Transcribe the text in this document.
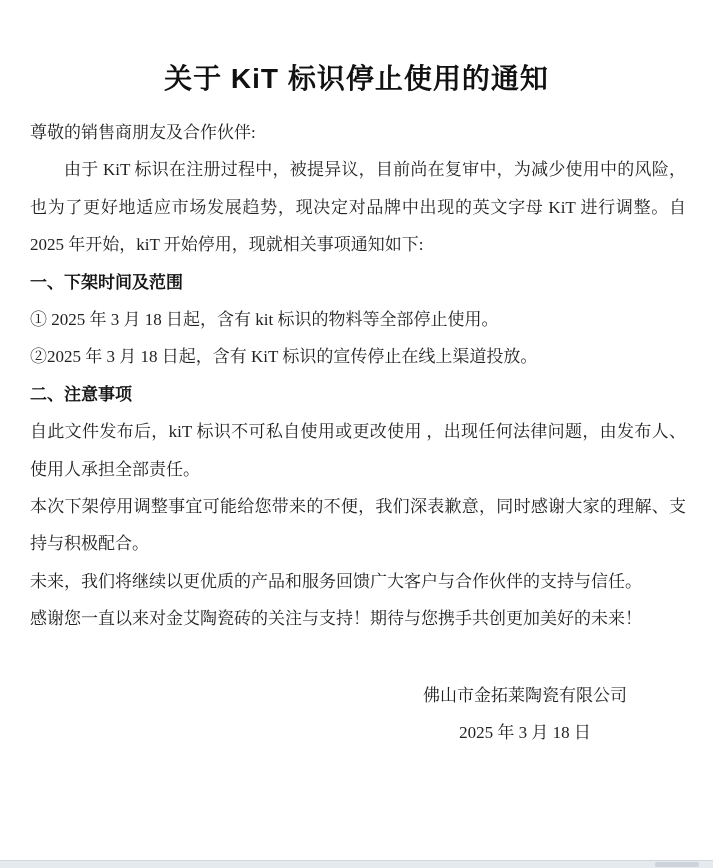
关于 KiT 标识停止使用的通知

尊敬的销售商朋友及合作伙伴:

由于 KiT 标识在注册过程中，被提异议，目前尚在复审中，为减少使用中的风险，也为了更好地适应市场发展趋势，现决定对品牌中出现的英文字母 KiT 进行调整。自 2025 年开始，kiT 开始停用，现就相关事项通知如下:

一、下架时间及范围

① 2025 年 3 月 18 日起，含有 kit 标识的物料等全部停止使用。

②2025 年 3 月 18 日起，含有 KiT 标识的宣传停止在线上渠道投放。

二、注意事项

自此文件发布后，kiT 标识不可私自使用或更改使用 ，出现任何法律问题，由发布人、使用人承担全部责任。

本次下架停用调整事宜可能给您带来的不便，我们深表歉意，同时感谢大家的理解、支持与积极配合。

未来，我们将继续以更优质的产品和服务回馈广大客户与合作伙伴的支持与信任。

感谢您一直以来对金艾陶瓷砖的关注与支持！期待与您携手共创更加美好的未来！

佛山市金拓莱陶瓷有限公司

2025 年 3 月 18 日
